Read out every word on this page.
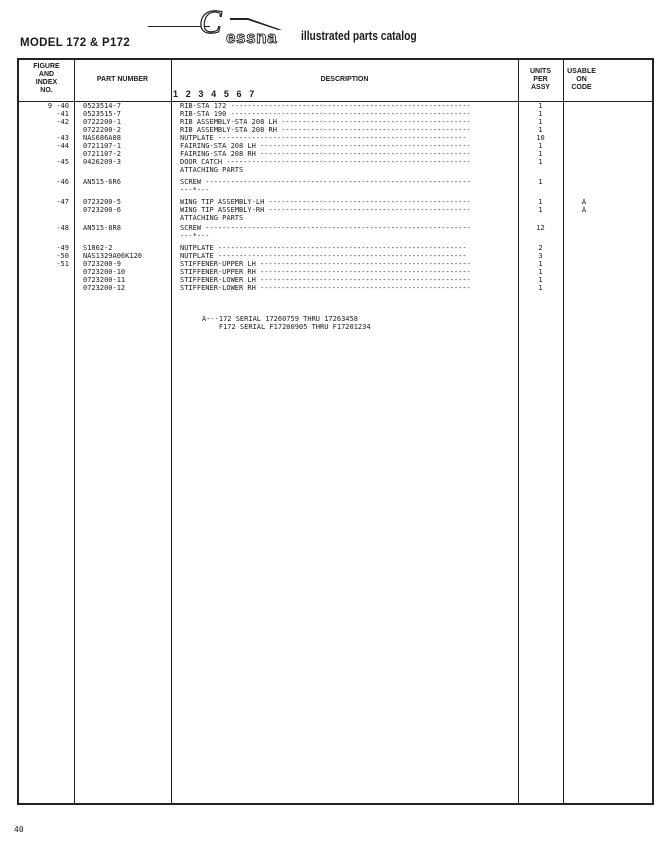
MODEL 172 & P172
C essna illustrated parts catalog
FIGURE
AND
INDEX
NO.
PART NUMBER	DESCRIPTION
1 2 3 4 5 6 7
UNITS
PER
ASSY
USABLE
ON
CODE
9 -40 0523514-7	RIB-STA 172 ---------------------------------------------------------	1
-41 0523515-7	RIB-STA 190 ---------------------------------------------------------	1
-42 0722200-1	RIB ASSEMBLY-STA 208 LH ---------------------------------------------	1
0722200-2	RIB ASSEMBLY-STA 208 RH ---------------------------------------------	1
-43 NAS686A08	NUTPLATE -----------------------------------------------------------	10
-44 0721107-1	FAIRING-STA 208 LH --------------------------------------------------	1
0721107-2	FAIRING-STA 208 RH --------------------------------------------------	1
-45 0426209-3	DOOR CATCH ----------------------------------------------------------	1
ATTACHING PARTS
-46 AN515-6R6	SCREW ---------------------------------------------------------------	1
---*---
-47 0723200-5	WING TIP ASSEMBLY-LH ------------------------------------------------	1	A
0723200-6	WING TIP ASSEMBLY-RH ------------------------------------------------	1	A
ATTACHING PARTS
-48 AN515-8R8	SCREW ---------------------------------------------------------------	12
---*---
-49 S1862-2	NUTPLATE -----------------------------------------------------------	2
-50 NAS1329A06K120	NUTPLATE -----------------------------------------------------------	3
-51 0723200-9	STIFFENER-UPPER LH --------------------------------------------------	1
0723200-10	STIFFENER-UPPER RH --------------------------------------------------	1
0723200-11	STIFFENER-LOWER LH --------------------------------------------------	1
0723200-12	STIFFENER-LOWER RH --------------------------------------------------	1
A---172 SERIAL 17260759 THRU 17263458
F172 SERIAL F17200905 THRU F17201234
40
